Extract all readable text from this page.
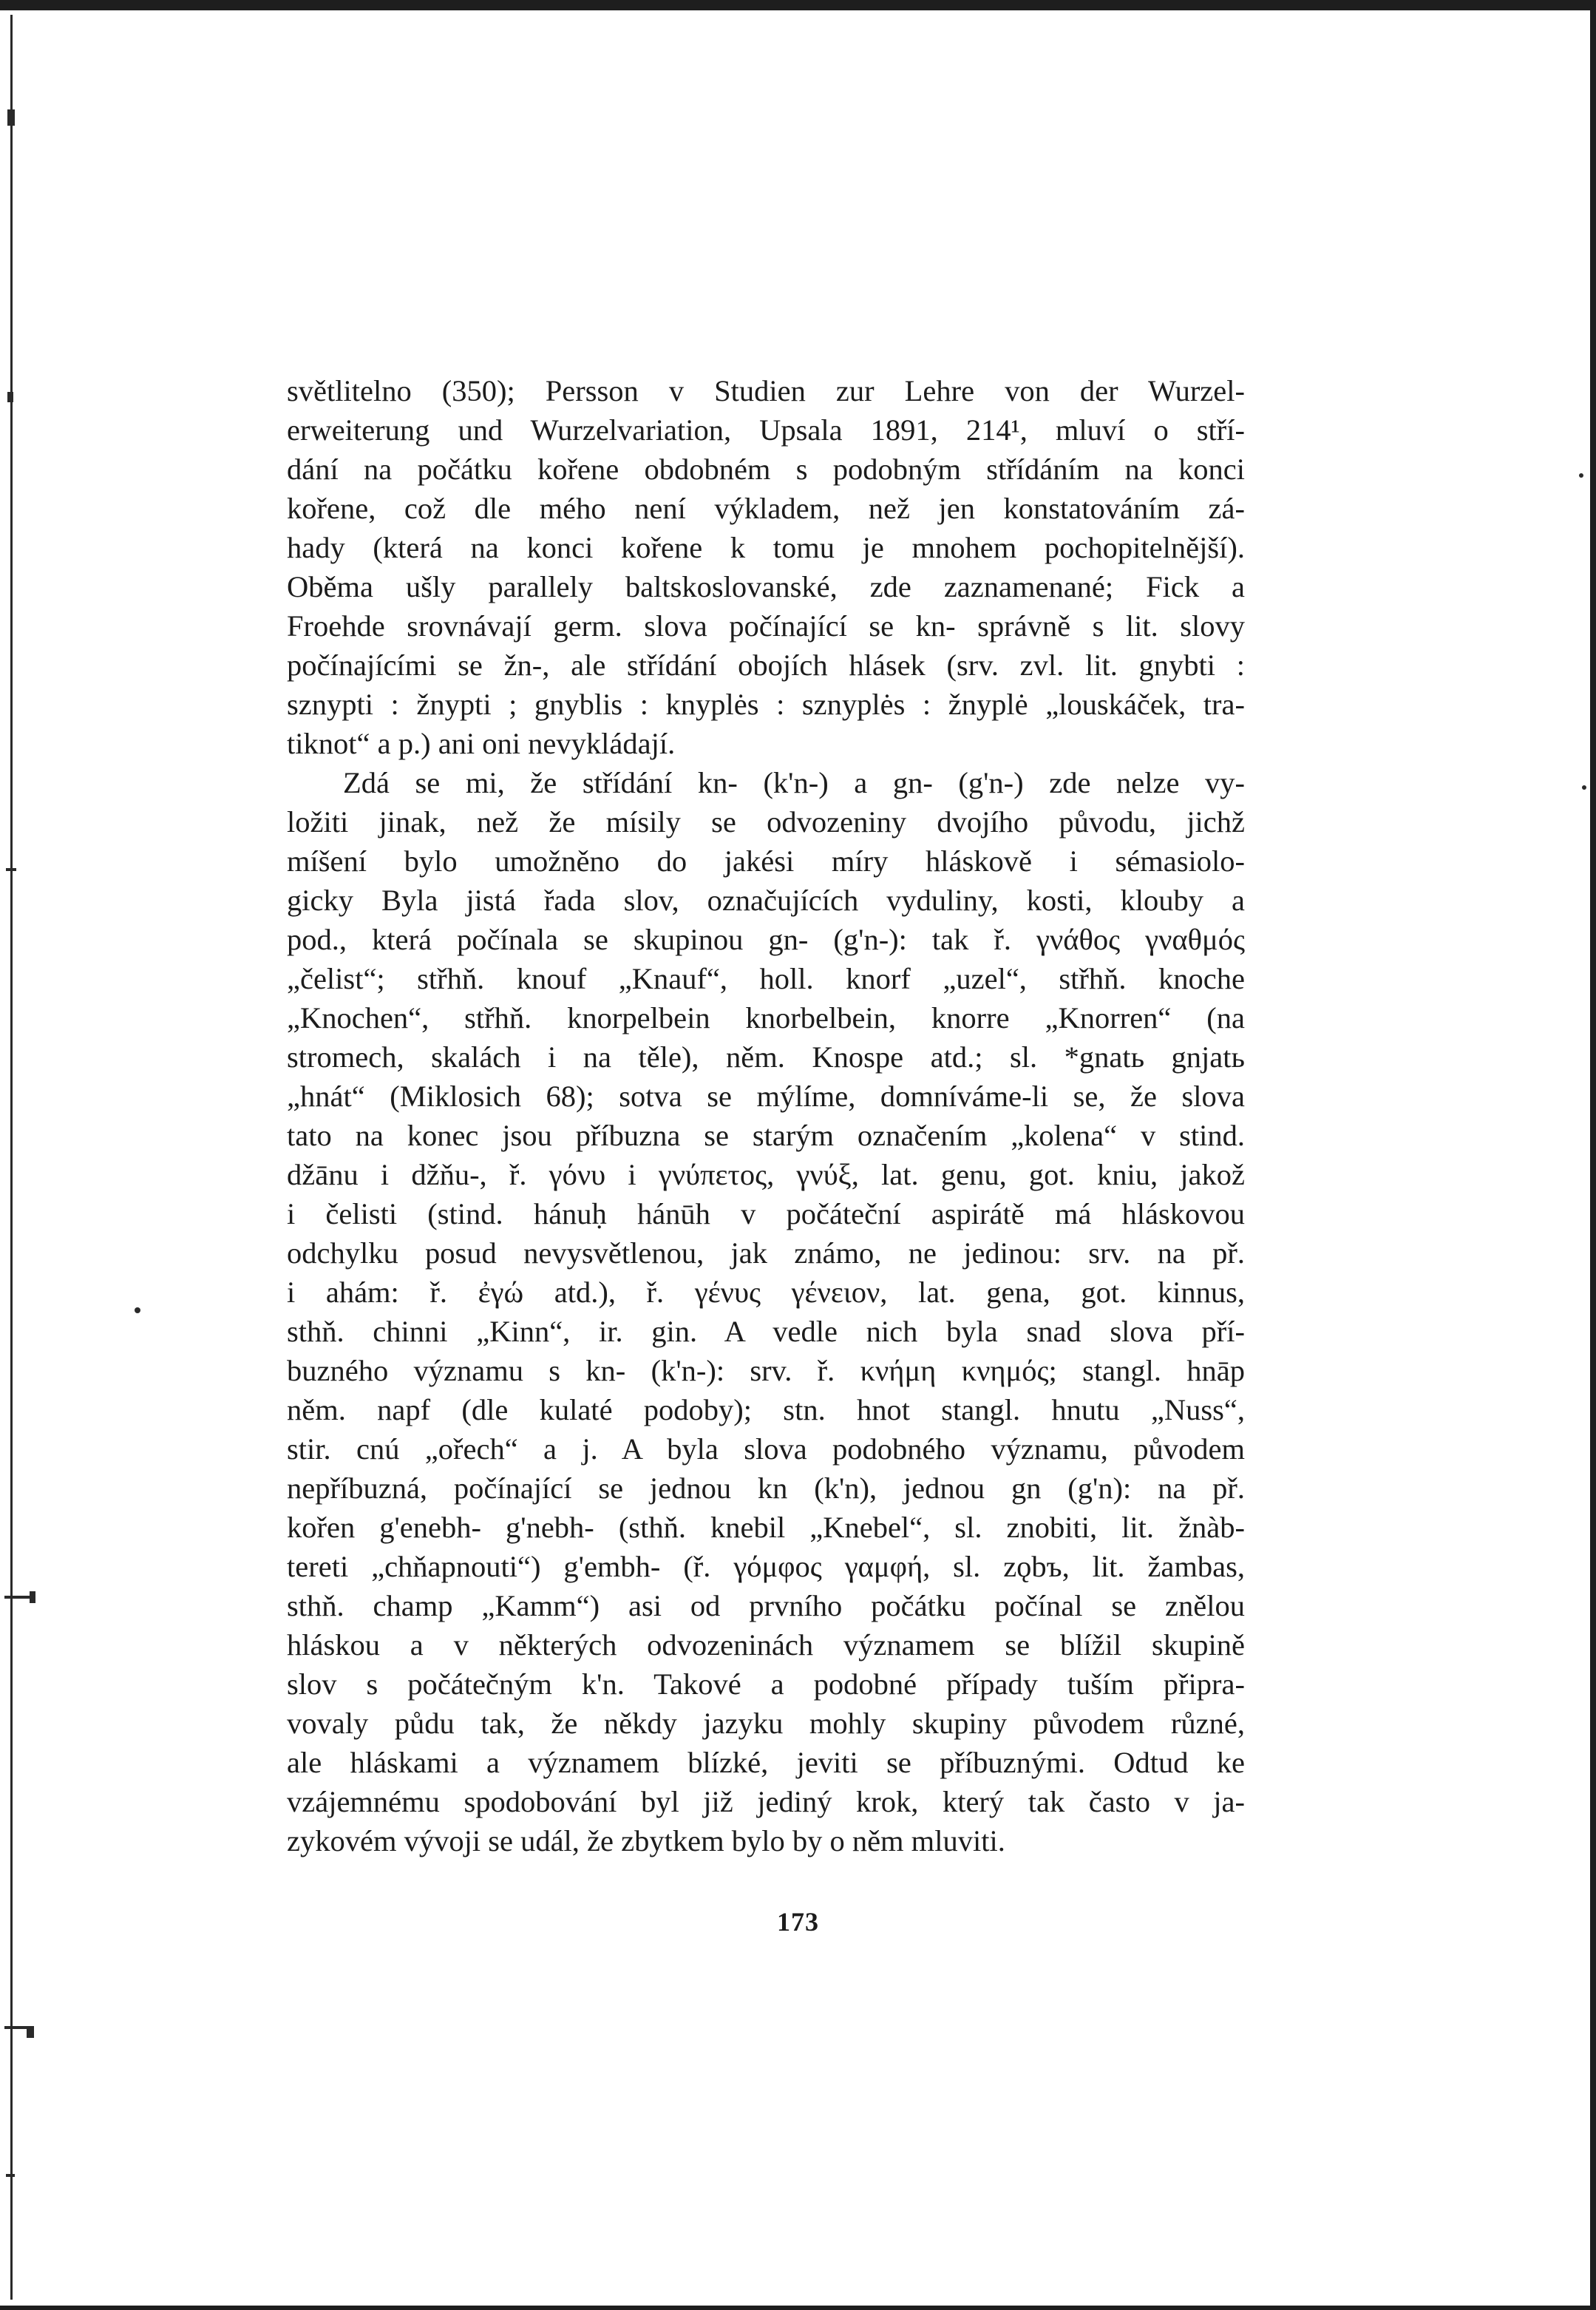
světlitelno (350); Persson v Studien zur Lehre von der Wurzel-
erweiterung und Wurzelvariation, Upsala 1891, 214¹, mluví o stří-
dání na počátku kořene obdobném s podobným střídáním na konci
kořene, což dle mého není výkladem, než jen konstatováním zá-
hady (která na konci kořene k tomu je mnohem pochopitelnější).
Oběma ušly parallely baltskoslovanské, zde zaznamenané; Fick a
Froehde srovnávají germ. slova počínající se kn- správně s lit. slovy
počínajícími se žn-, ale střídání obojích hlásek (srv. zvl. lit. gnybti :
sznypti : žnypti ; gnyblis : knyplės : sznyplės : žnyplė „louskáček, tra-
tiknot“ a p.) ani oni nevykládají.
Zdá se mi, že střídání kn- (k'n-) a gn- (g'n-) zde nelze vy-
ložiti jinak, než že mísily se odvozeniny dvojího původu, jichž
míšení bylo umožněno do jakési míry hláskově i sémasiolo-
gicky Byla jistá řada slov, označujících vyduliny, kosti, klouby a
pod., která počínala se skupinou gn- (g'n-): tak ř. γνάθος γναθμός
„čelist“; střhň. knouf „Knauf“, holl. knorf „uzel“, střhň. knoche
„Knochen“, střhň. knorpelbein knorbelbein, knorre „Knorren“ (na
stromech, skalách i na těle), něm. Knospe atd.; sl. *gnatь gnjatь
„hnát“ (Miklosich 68); sotva se mýlíme, domníváme-li se, že slova
tato na konec jsou příbuzna se starým označením „kolena“ v stind.
džānu i džňu-, ř. γόνυ i γνύπετος, γνύξ, lat. genu, got. kniu, jakož
i čelisti (stind. hánuḥ hánūh v počáteční aspirátě má hláskovou
odchylku posud nevysvětlenou, jak známo, ne jedinou: srv. na př.
i ahám: ř. ἐγώ atd.), ř. γένυς γένειον, lat. gena, got. kinnus,
sthň. chinni „Kinn“, ir. gin. A vedle nich byla snad slova pří-
buzného významu s kn- (k'n-): srv. ř. κνήμη κνημός; stangl. hnāp
něm. napf (dle kulaté podoby); stn. hnot stangl. hnutu „Nuss“,
stir. cnú „ořech“ a j. A byla slova podobného významu, původem
nepříbuzná, počínající se jednou kn (k'n), jednou gn (g'n): na př.
kořen g'enebh- g'nebh- (sthň. knebil „Knebel“, sl. znobiti, lit. žnàb-
tereti „chňapnouti“) g'embh- (ř. γόμφος γαμφή, sl. zǫbъ, lit. žambas,
sthň. champ „Kamm“) asi od prvního počátku počínal se znělou
hláskou a v některých odvozeninách významem se blížil skupině
slov s počátečným k'n. Takové a podobné případy tuším připra-
vovaly půdu tak, že někdy jazyku mohly skupiny původem různé,
ale hláskami a významem blízké, jeviti se příbuznými. Odtud ke
vzájemnému spodobování byl již jediný krok, který tak často v ja-
zykovém vývoji se udál, že zbytkem bylo by o něm mluviti.
173
